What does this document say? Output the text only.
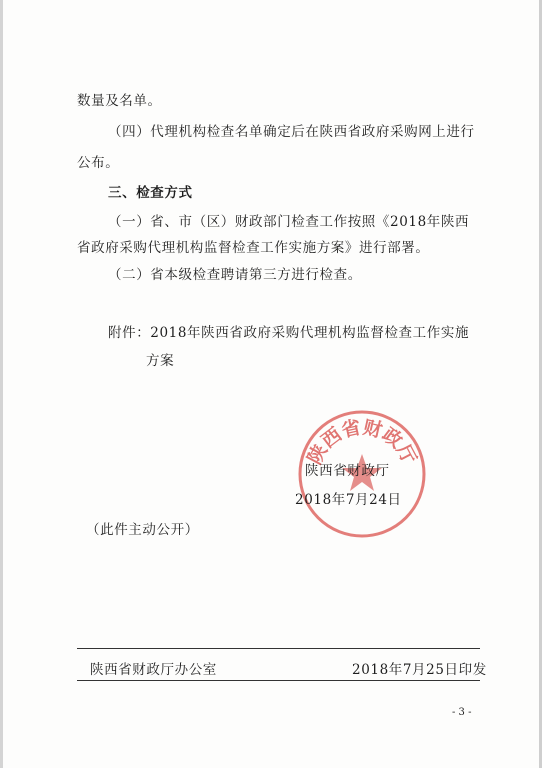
数量及名单。
（四）代理机构检查名单确定后在陕西省政府采购网上进行
公布。
三、检查方式
（一）省、市（区）财政部门检查工作按照《2018年陕西
省政府采购代理机构监督检查工作实施方案》进行部署。
（二）省本级检查聘请第三方进行检查。
附件：2018年陕西省政府采购代理机构监督检查工作实施
方案
陕西省财政厅
陕西省财政厅
2018年7月24日
（此件主动公开）
陕西省财政厅办公室	2018年7月25日印发
- 3 -
